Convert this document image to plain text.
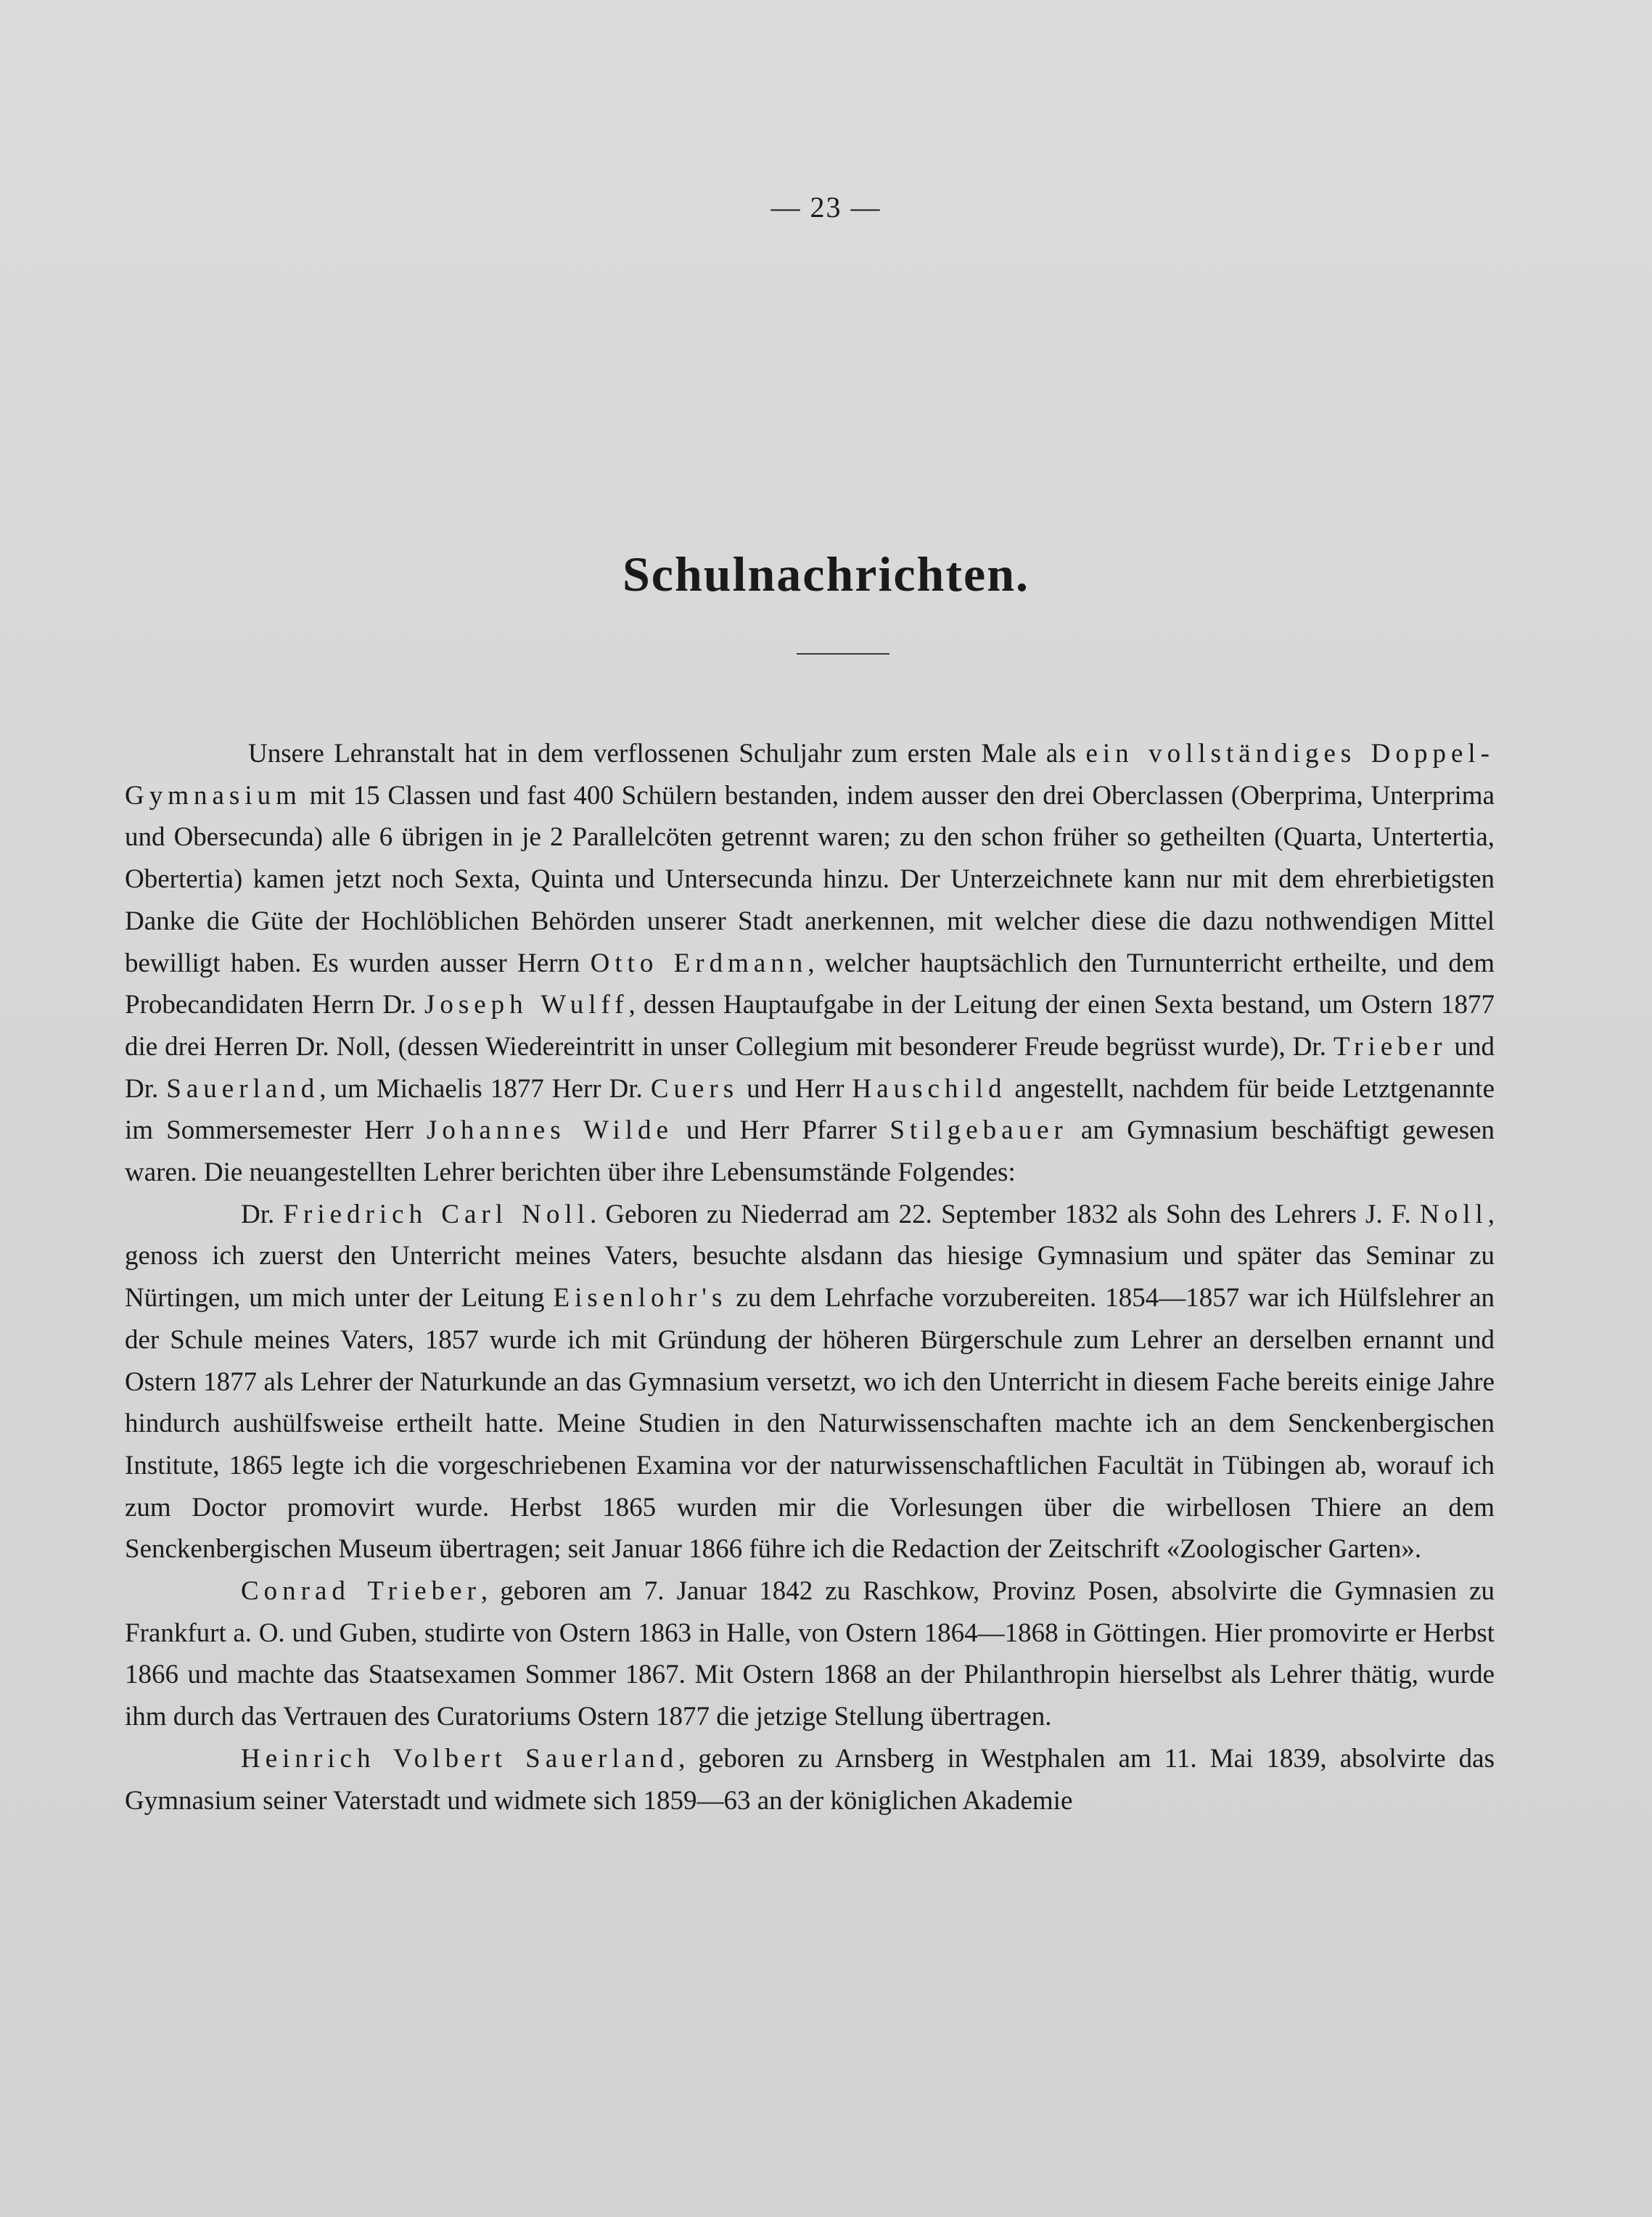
— 23 —
Schulnachrichten.

Unsere Lehranstalt hat in dem verflossenen Schuljahr zum ersten Male als ein vollständiges Doppel-Gymnasium mit 15 Classen und fast 400 Schülern bestanden, indem ausser den drei Oberclassen (Oberprima, Unterprima und Obersecunda) alle 6 übrigen in je 2 Parallelcöten getrennt waren; zu den schon früher so getheilten (Quarta, Untertertia, Obertertia) kamen jetzt noch Sexta, Quinta und Untersecunda hinzu. Der Unterzeichnete kann nur mit dem ehrerbietigsten Danke die Güte der Hochlöblichen Behörden unserer Stadt anerkennen, mit welcher diese die dazu nothwendigen Mittel bewilligt haben. Es wurden ausser Herrn Otto Erdmann, welcher hauptsächlich den Turnunterricht ertheilte, und dem Probecandidaten Herrn Dr. Joseph Wulff, dessen Hauptaufgabe in der Leitung der einen Sexta bestand, um Ostern 1877 die drei Herren Dr. Noll, (dessen Wiedereintritt in unser Collegium mit besonderer Freude begrüsst wurde), Dr. Trieber und Dr. Sauerland, um Michaelis 1877 Herr Dr. Cuers und Herr Hauschild angestellt, nachdem für beide Letztgenannte im Sommersemester Herr Johannes Wilde und Herr Pfarrer Stilgebauer am Gymnasium beschäftigt gewesen waren. Die neuangestellten Lehrer berichten über ihre Lebensumstände Folgendes:

Dr. Friedrich Carl Noll. Geboren zu Niederrad am 22. September 1832 als Sohn des Lehrers J. F. Noll, genoss ich zuerst den Unterricht meines Vaters, besuchte alsdann das hiesige Gymnasium und später das Seminar zu Nürtingen, um mich unter der Leitung Eisenlohr's zu dem Lehrfache vorzubereiten. 1854—1857 war ich Hülfslehrer an der Schule meines Vaters, 1857 wurde ich mit Gründung der höheren Bürgerschule zum Lehrer an derselben ernannt und Ostern 1877 als Lehrer der Naturkunde an das Gymnasium versetzt, wo ich den Unterricht in diesem Fache bereits einige Jahre hindurch aushülfsweise ertheilt hatte. Meine Studien in den Naturwissenschaften machte ich an dem Senckenbergischen Institute, 1865 legte ich die vorgeschriebenen Examina vor der naturwissenschaftlichen Facultät in Tübingen ab, worauf ich zum Doctor promovirt wurde. Herbst 1865 wurden mir die Vorlesungen über die wirbellosen Thiere an dem Senckenbergischen Museum übertragen; seit Januar 1866 führe ich die Redaction der Zeitschrift «Zoologischer Garten».

Conrad Trieber, geboren am 7. Januar 1842 zu Raschkow, Provinz Posen, absolvirte die Gymnasien zu Frankfurt a. O. und Guben, studirte von Ostern 1863 in Halle, von Ostern 1864—1868 in Göttingen. Hier promovirte er Herbst 1866 und machte das Staatsexamen Sommer 1867. Mit Ostern 1868 an der Philanthropin hierselbst als Lehrer thätig, wurde ihm durch das Vertrauen des Curatoriums Ostern 1877 die jetzige Stellung übertragen.

Heinrich Volbert Sauerland, geboren zu Arnsberg in Westphalen am 11. Mai 1839, absolvirte das Gymnasium seiner Vaterstadt und widmete sich 1859—63 an der königlichen Akademie
